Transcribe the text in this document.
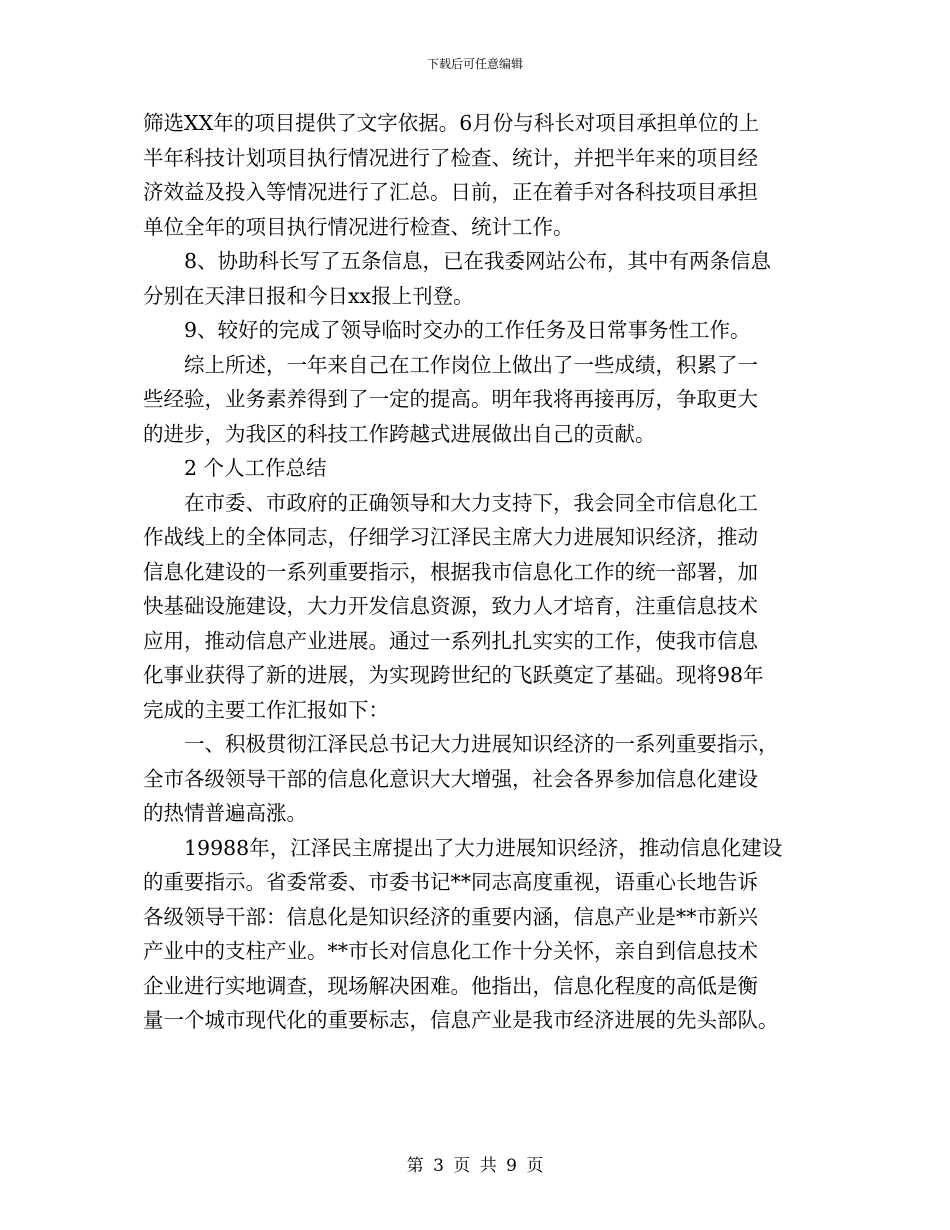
下载后可任意编辑
筛选XX年的项目提供了文字依据。6月份与科长对项目承担单位的上
半年科技计划项目执行情况进行了检查、统计，并把半年来的项目经
济效益及投入等情况进行了汇总。日前，正在着手对各科技项目承担
单位全年的项目执行情况进行检查、统计工作。
8、协助科长写了五条信息，已在我委网站公布，其中有两条信息
分别在天津日报和今日xx报上刊登。
9、较好的完成了领导临时交办的工作任务及日常事务性工作。
综上所述，一年来自己在工作岗位上做出了一些成绩，积累了一
些经验，业务素养得到了一定的提高。明年我将再接再厉，争取更大
的进步，为我区的科技工作跨越式进展做出自己的贡献。
2 个人工作总结
在市委、市政府的正确领导和大力支持下，我会同全市信息化工
作战线上的全体同志，仔细学习江泽民主席大力进展知识经济，推动
信息化建设的一系列重要指示，根据我市信息化工作的统一部署，加
快基础设施建设，大力开发信息资源，致力人才培育，注重信息技术
应用，推动信息产业进展。通过一系列扎扎实实的工作，使我市信息
化事业获得了新的进展，为实现跨世纪的飞跃奠定了基础。现将98年
完成的主要工作汇报如下：
一、积极贯彻江泽民总书记大力进展知识经济的一系列重要指示，
全市各级领导干部的信息化意识大大增强，社会各界参加信息化建设
的热情普遍高涨。
19988年，江泽民主席提出了大力进展知识经济，推动信息化建设
的重要指示。省委常委、市委书记**同志高度重视，语重心长地告诉
各级领导干部：信息化是知识经济的重要内涵，信息产业是**市新兴
产业中的支柱产业。**市长对信息化工作十分关怀，亲自到信息技术
企业进行实地调查，现场解决困难。他指出，信息化程度的高低是衡
量一个城市现代化的重要标志，信息产业是我市经济进展的先头部队。
第 3 页 共 9 页
